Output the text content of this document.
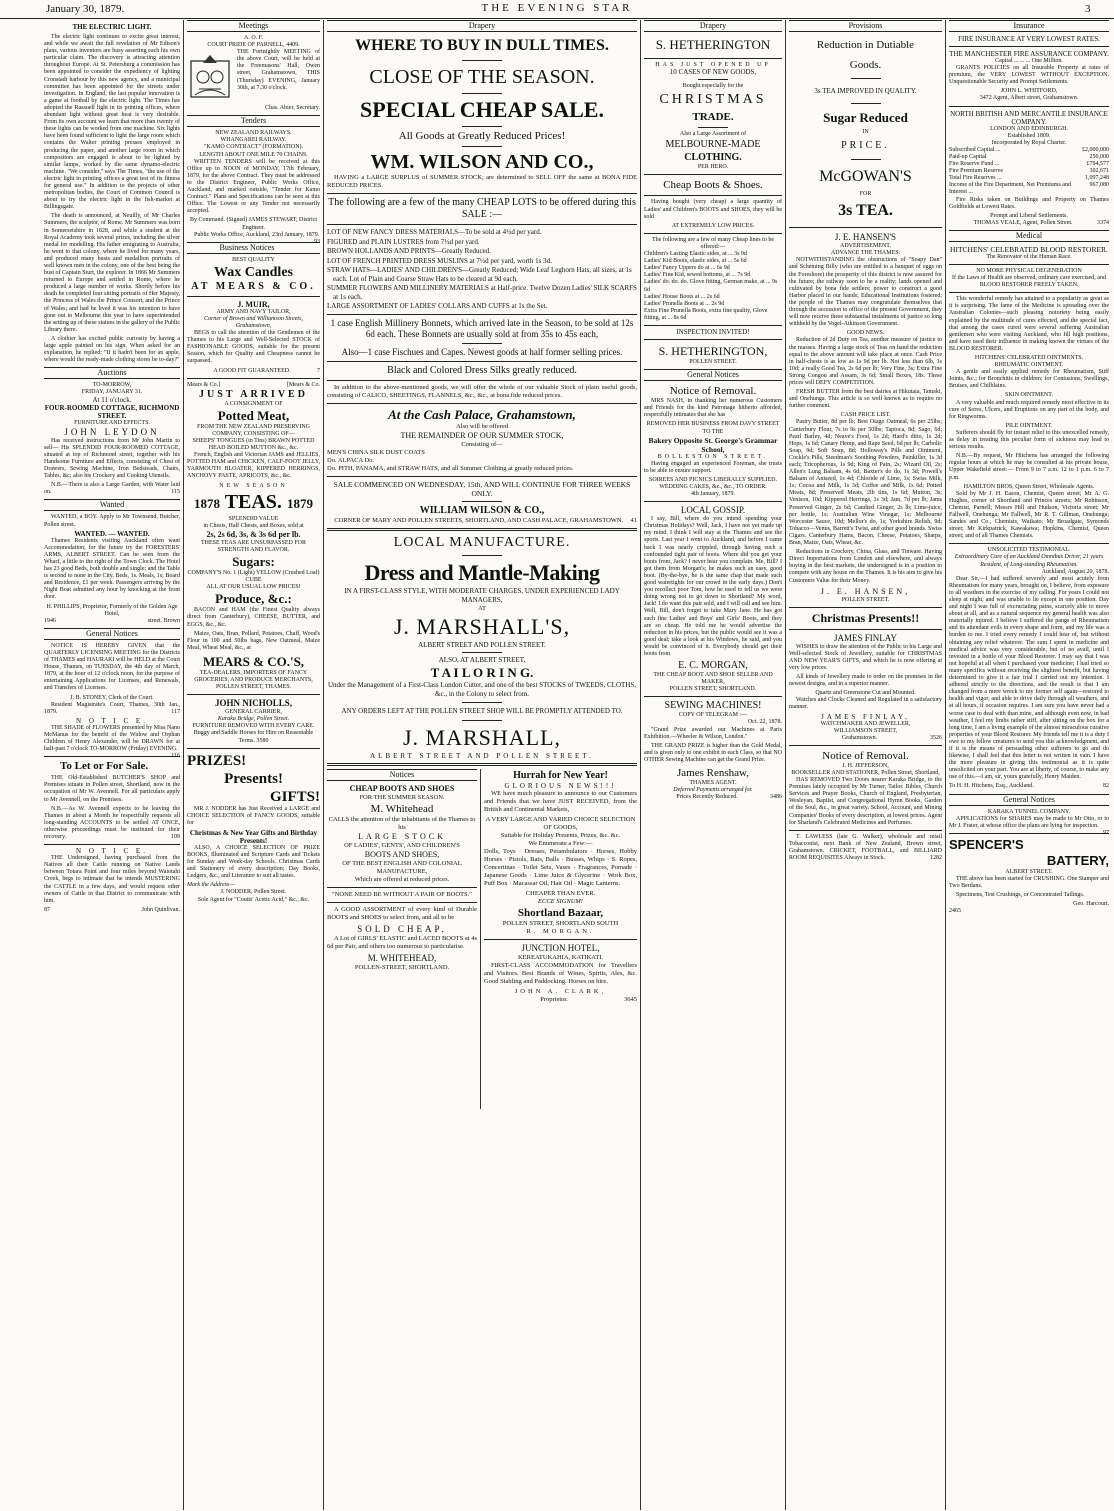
January 30, 1879.	THE EVENING STAR	3
THE ELECTRIC LIGHT.

The electric light continues to excite great interest, and while we await the full revelation of Mr Edison's plans, various inventors are busy asserting each his own particular claim. The discovery is attracting attention throughout Europe. At St. Petersburg a commission has been appointed to consider the expediency of lighting Cronstadt harbour by this new agency, and a municipal committee has been appointed for the streets under investigation. In England, the last popular innovation is a game at football by the electric light. The Times has adopted the Rassuell light in its printing offices, where abundant light without great heat is very desirable. From its own account we learn that more than twenty of these lights can be worked from one machine. Six lights have been found sufficient to light the large room which contains the Walter printing presses employed in producing the paper, and another large room in which compositors are engaged is about to be lighted by similar lamps, worked by the same dynamo-electric machine. "We consider," says The Times, "the use of the electric light in printing offices a great test of its fitness for general use." In addition to the projects of other metropolitan bodies, the Court of Common Council is about to try the electric light in the fish-market at Billingsgate.

The death is announced, at Neuilly, of Mr Charles Summers, the sculptor, of Rome. Mr Summers was born in Somersetshire in 1828, and while a student at the Royal Academy took several prizes, including the silver medal for modelling. His father emigrating to Australia, he went to that colony, where he lived for many years, and produced many busts and medallion portraits of well known men in the colony, one of the best being the bust of Captain Sturt, the explorer. In 1866 Mr Summers returned to Europe and settled in Rome, where he produced a large number of works. Shortly before his death he completed four sitting portraits of Her Majesty, the Princess of Wales the Prince Consort, and the Prince of Wales; and had he lived it was his intention to have gone out to Melbourne this year to have superintended the setting up of these statues in the gallery of the Public Library there.

A clothier has excited public curiosity by having a large apple painted on his sign. When asked for an explanation, he replied: "If it hadn't been for an apple, where would the ready-made clothing stores be to-day?"

Auctions
TO-MORROW,
FRIDAY, JANUARY 31.
At 11 o'clock.
FOUR-ROOMED COTTAGE, RICHMOND STREET.
FURNITURE AND EFFECTS.
JOHN LEYDON

Has received instructions from Mr John Martin to sell— His SPLENDID FOUR-ROOMED COTTAGE, situated at top of Richmond street, together with his Handsome Furniture and Effects, consisting of Chest of Drawers, Sewing Machine, Iron Bedsteads, Chairs, Tables, &c; also his Crockery and Cooking Utensils.

N.B.—There is also a Large Garden, with Water laid on.	115

Wanted

WANTED, a BOY. Apply to Mr Townsend, Butcher, Pollen street.

WANTED. — WANTED.

Thames Residents visiting Auckland often want Accommodation; for the future try the FORESTERS' ARMS, ALBERT STREET. Can be seen from the Wharf, a little to the right of the Town Clock. The Hotel has 23 good Beds, both double and single; and the Table is second to none in the City. Beds, 1s. Meals, 1s; Board and Residence, £1 per week. Passengers arriving by the Night Boat admitted any hour by knocking at the front door.

H. PHILLIPS, Proprietor, Formerly of the Golden Age Hotel,
1946	street. Brown
General Notices

NOTICE IS HEREBY GIVEN that the QUARTERLY LICENSING MEETING for the Districts of THAMES and HAURAKI will be HELD at the Court House, Thames, on TUESDAY, the 4th day of March, 1879, at the hour of 12 o'clock noon, for the purpose of entertaining Applications for Licenses, and Renewals, and Transfers of Licenses.

J. B. STONEY, Clerk of the Court.

Resident Magistrate's Court, Thames, 30th Jan., 1879.	117

N O T I C E.

THE SHADE of FLOWERS presented by Miss Nano McManus for the benefit of the Widow and Orphan Children of Henry Alexander, will be DRAWN for at half-past 7 o'clock TO-MORROW (Friday) EVENING.
116

To Let or For Sale.

THE Old-Established BUTCHER'S SHOP and Premises situate in Pollen street, Shortland, now in the occupation of Mr W. Avennell. For all particulars apply to Mr Avennell, on the Premises.

N.B.—As W. Avennell expects to be leaving the Thames in about a Month he respectfully requests all long-standing ACCOUNTS to be settled AT ONCE, otherwise proceedings must be instituted for their recovery.	109

N O T I C E.

THE Undersigned, having purchased from the Natives all their Cattle running on Native Lands between Totara Point and four miles beyond Waiotahi Creek, begs to intimate that he intends MUSTERING the CATTLE in a few days, and would request other owners of Cattle in that District to communicate with him.

87	John Quinlivan.
Meetings
A. O. F.
COURT PRIDE OF PARNELL, 4409.

THE Fortnightly MEETING of the above Court, will be held at the Freemasons' Hall, Owen street, Grahamstown, THIS (Thursday) EVENING, January 30th, at 7.30 o'clock.

Chas. Abier, Secretary.
Tenders
NEW ZEALAND RAILWAYS.
WHANGAREI RAILWAY.
"KAMO CONTRACT" (FORMATION).
LENGTH ABOUT ONE MILE 70 CHAINS.

WRITTEN TENDERS will be received at this Office up to NOON of MONDAY, 17th February, 1879, for the above Contract. They must be addressed to the District Engineer, Public Works Office, Auckland, and marked outside, "Tender for Kamo Contract." Plans and Specifications can be seen at this Office. The Lowest or any Tender not necessarily accepted.

By Command. (Signed) JAMES STEWART, District Engineer.

Public Works Office, Auckland, 23rd January, 1879.
93

Business Notices
BEST QUALITY
Wax Candles
AT MEARS & CO.
J. MUIR,
ARMY AND NAVY TAILOR,
Corner of Brown and Williamson Streets, Grahamstown,

BEGS to call the attention of the Gentlemen of the Thames to his Large and Well-Selected STOCK of FASHIONABLE GOODS, suitable for the present Season, which for Quality and Cheapness cannot be surpassed.

A GOOD FIT GUARANTEED.	7
Mears & Co.]	[Mears & Co.
JUST ARRIVED
A CONSIGNMENT OF
Potted Meat,
FROM THE NEW ZEALAND PRESERVING COMPANY, CONSISTING OF—
SHEEPS' TONGUES (in Tins) BRAWN POTTED HEAD BOILED MUTTON &c., &c.

French, English and Victorian JAMS and JELLIES, POTTED HAM and CHICKEN, CALF-FOOT JELLY, YARMOUTH BLOATER, KIPPERED HERRINGS, ANCHOVY PASTE, APRICOTS, &c., &c.

NEW SEASON
1878 TEAS. 1879
SPLENDID VALUE
in Chests, Half Chests, and Boxes, sold at
2s, 2s 6d, 3s, & 3s 6d per lb.
THESE TEAS ARE UNSURPASSED FOR STRENGTH AND FLAVOR.
Sugars:
COMPANY'S No. 1 (Light) YELLOW (Crushed Loaf) CUBE
ALL AT OUR USUAL LOW PRICES!
Produce, &c.:

BACON and HAM (the Finest Quality always direct from Canterbury), CHEESE, BUTTER, and EGGS, &c., &c.

Maize, Oats, Bran, Pollard, Potatoes, Chaff, Wood's Flour in 100 and 50lbs bags, New Oatmeal, Maize Meal, Wheat Meal, &c., at

MEARS & CO.'S,
TEA-DEALERS, IMPORTERS OF FANCY GROCERIES, AND PRODUCE MERCHANTS, POLLEN STREET, THAMES.
JOHN NICHOLLS,
GENERAL CARRIER,
Karaka Bridge, Pollen Street.
FURNITURE REMOVED WITH EVERY CARE.
Buggy and Saddle Horses for Hire on Reasonable Terms. 3580
PRIZES!
Presents!
GIFTS!

MR J. NODDER has Just Received a LARGE and CHOICE SELECTION of FANCY GOODS, suitable for

Christmas & New Year Gifts and Birthday Presents!

ALSO, A CHOICE SELECTION OF PRIZE BOOKS, Illuminated and Scripture Cards and Tickets for Sunday and Week-day Schools. Christmas Cards and Stationery of every description; Day Books, Ledgers, &c., and Literature to suit all tastes.

Mark the Address—
J. NODDER, Pollen Street.
Sole Agent for "Coutts' Acetic Acid," &c., &c.
Drapery
WHERE TO BUY IN DULL TIMES.
CLOSE OF THE SEASON.
SPECIAL CHEAP SALE.
All Goods at Greatly Reduced Prices!
WM. WILSON AND CO.,

HAVING a LARGE SURPLUS of SUMMER STOCK, are determined to SELL OFF the same at BONA FIDE REDUCED PRICES.

The following are a few of the many CHEAP LOTS to be offered during this SALE :—
LOT OF NEW FANCY DRESS MATERIALS—To be sold at 4½d per yard.
FIGURED and PLAIN LUSTRES from 7½d per yard.
BROWN HOLLANDS AND PRINTS—Greatly Reduced.
LOT OF FRENCH PRINTED DRESS MUSLINS at 7½d per yard, worth 1s 3d.
STRAW HATS—LADIES' AND CHILDREN'S—Greatly Reduced; Wide Leaf Leghorn Hats, all sizes, at 1s each. Lot of Plain and Coarse Straw Hats to be cleared at 9d each.
SUMMER FLOWERS AND MILLINERY MATERIALS at Half-price. Twelve Dozen Ladies' SILK SCARFS at 1s each.
LARGE ASSORTMENT OF LADIES' COLLARS AND CUFFS at 1s the Set.
1 case English Millinery Bonnets, which arrived late in the Season, to be sold at 12s 6d each. These Bonnets are usually sold at from 35s to 45s each,
Also—1 case Fischues and Capes. Newest goods at half former selling prices.
Black and Colored Dress Silks greatly reduced.

In addition to the above-mentioned goods, we will offer the whole of our valuable Stock of plain useful goods, consisting of CALICO, SHEETINGS, FLANNELS, &c., &c., at bona fide reduced prices.

At the Cash Palace, Grahamstown,
Also will be offered
THE REMAINDER OF OUR SUMMER STOCK,
Consisting of—
MEN'S CHINA SILK DUST COATS
Do. ALPACA Do.
Do. PITH, PANAMA, and STRAW HATS, and all Summer Clothing at greatly reduced prices.
SALE COMMENCED ON WEDNESDAY, 15th, AND WILL CONTINUE FOR THREE WEEKS ONLY.
WILLIAM WILSON & CO.,
CORNER OF MARY AND POLLEN STREETS, SHORTLAND, AND CASH PALACE, GRAHAMSTOWN. 41
LOCAL MANUFACTURE.
Dress and Mantle-Making
IN A FIRST-CLASS STYLE, WITH MODERATE CHARGES, UNDER EXPERIENCED LADY MANAGERS,
AT
J. MARSHALL'S,
ALBERT STREET AND POLLEN STREET.
ALSO, AT ALBERT STREET,
T A I L O R I N G.
Under the Management of a First-Class London Cutter, and one of the best STOCKS of TWEEDS, CLOTHS, &c., in the Colony to select from.
ANY ORDERS LEFT AT THE POLLEN STREET SHOP WILL BE PROMPTLY ATTENDED TO.
J. MARSHALL,
ALBERT STREET AND POLLEN STREET.
Notices
CHEAP BOOTS AND SHOES
FOR THE SUMMER SEASON.
M. Whitehead
CALLS the attention of the inhabitants of the Thames to his
LARGE STOCK
OF LADIES', GENTS', AND CHILDREN'S
BOOTS AND SHOES,
OF THE BEST ENGLISH AND COLONIAL MANUFACTURE,
Which are offered at reduced prices.
"NONE NEED BE WITHOUT A PAIR OF BOOTS."

A GOOD ASSORTMENT of every kind of Durable BOOTS and SHOES to select from, and all to be

SOLD CHEAP.

A Lot of GIRLS' ELASTIC and LACED BOOTS at 4s 6d per Pair, and others too numerous to particularise.

M. WHITEHEAD,
POLLEN-STREET, SHORTLAND.
Hurrah for New Year!
GLORIOUS NEWS!!!

WE have much pleasure to announce to our Customers and Friends that we have JUST RECEIVED, from the British and Continental Markets,

A VERY LARGE AND VARIED CHOICE SELECTION OF GOODS,
Suitable for Holiday Presents, Prizes, &c. &c.
We Enumerate a Few:—

Dolls, Toys · Dresses, Perambulators · Horses, Hobby Horses · Pistols, Bats, Balls · Busses, Whips · S. Ropes, Concertinas · Toilet Sets, Vases · Fragrances, Pomade · Japanese Goods · Lime Juice & Glycerine · Work Box, Puff Box · Macassar Oil, Hair Oil · Magic Lanterns.

CHEAPER THAN EVER.
ECCE SIGNUM!
Shortland Bazaar,
POLLEN STREET, SHORTLAND SOUTH
R. MORGAN.
JUNCTION HOTEL,
KEREATUKAHIA, KATIKATI.

FIRST-CLASS ACCOMMODATION for Travellers and Visitors. Best Brands of Wines, Spirits, Ales, &c. Good Stabling and Paddocking. Horses on hire.

JOHN A. CLARK,
Proprietor.	3645
Drapery
S. HETHERINGTON
HAS JUST OPENED UP
10 CASES OF NEW GOODS,
Bought especially for the
CHRISTMAS
TRADE.
Also a Large Assortment of
MELBOURNE-MADE
CLOTHING.
PER HERO.
Cheap Boots & Shoes.

Having bought (very cheap) a large quantity of Ladies' and Children's BOOTS and SHOES, they will be sold

AT EXTREMELY LOW PRICES.
The following are a few of many Cheap lines to be offered:—
Children's Lasting Elastic sides, at ... 3s 0d
Ladies' Kid Boots, elastic sides, at ... 5s 6d
Ladies' Fancy Uppers do at ... 6s 9d
Ladies' Fine Kid, sewed bottoms, at ... 7s 9d
Ladies' do. do. do. Glove fitting, German make, at ... 9s 6d
Ladies' House Boots at ... 2s 6d
Ladies' Prunella Boots at ... 2s 9d
Extra Fine Prunella Boots, extra fine quality, Glove fitting, at ... 8s 6d
INSPECTION INVITED!
S. HETHERINGTON,
POLLEN STREET.
General Notices
Notice of Removal.

MRS NASH, in thanking her numerous Customers and Friends for the kind Patronage hitherto afforded, respectfully intimates that she has

REMOVED HER BUSINESS FROM DAVY STREET TO THE
Bakery Opposite St. George's Grammar School,
BOLLESTON STREET.

Having engaged an experienced Foreman, she trusts to be able to ensure support.

SOIREES AND PICNICS LIBERALLY SUPPLIED.
WEDDING CAKES, &c., &c., TO ORDER.
4th January, 1879.
LOCAL GOSSIP.

I say, Bill, where do you intend spending your Christmas Holidays? Well, Jack, I have not yet made up my mind. I think I will stay at the Thames and see the sports. Last year I went to Auckland, and before I came back I was nearly crippled, through having such a confounded tight pair of boots. Where did you get your boots from, Jack? I never hear you complain. Me, Bill? I got them from Morgan's; he makes such an easy, good boot. (By-the-bye, he is the same chap that made such good watertights for our crowd in the early days.) Don't you recollect poor Tom, how he used to tell us we were doing wrong not to go down to Shortland? My word, Jack! I do want this pair sold, and I will call and see him. Well, Bill, don't forget to take Mary Jane. He has got such fine Ladies' and Boys' and Girls' Boots, and they are so cheap. He told me he would advertise the reduction in his prices, but the public would see it was a good deal; take a look at his Windows, he said, and you would be convinced of it. Everybody should get their boots from

E. C. MORGAN,
THE CHEAP BOOT AND SHOE SELLER AND MAKER,
POLLEN STREET, SHORTLAND.
SEWING MACHINES!
COPY OF TELEGRAM :—
Oct. 22, 1878.

"Grand Prize awarded our Machines at Paris Exhibition.—Wheeler & Wilson, London."

THE GRAND PRIZE is higher than the Gold Medal, and is given only to one exhibit in each Class, so that NO OTHER Sewing Machine can get the Grand Prize.

James Renshaw,
THAMES AGENT.
Deferred Payments arranged for.
Prices Recently Reduced.	3486
Provisions
Reduction in Dutiable
Goods.
3s TEA IMPROVED IN QUALITY.
Sugar Reduced
IN
PRICE.
McGOWAN'S
FOR
3s TEA.
J. E. HANSEN'S
ADVERTISEMENT.
ADVANCE THE THAMES.

NOTWITHSTANDING the obstructions of "Soapy Dan" and Scheming Billy (who are entitled to a banquet of eggs on the Foreshore) the prosperity of this district is now assured for the future; the railway soon to be a reality; lands opened and cultivated by bona fide settlers; power to construct a good Harbor placed in our hands; Educational Institutions fostered; the people of the Thames may congratulate themselves that through the accession to office of the present Government, they will now receive these substantial instalments of justice so long withheld by the Vogel-Atkinson Government.

GOOD NEWS.

Reduction of 2d Duty on Tea, another measure of justice to the masses. Having a large stock of Teas on hand the reduction equal to the above amount will take place at once. Cash Price in half-chests is as low as 1s 9d per lb. Not less than 6lb, 1s 10d; a really Good Tea, 2s 6d per lb; Very Fine, 3s; Extra Fine Strong Congou and Assam, 3s 6d; Small Boxes, 18s. These prices will DEFY COMPETITION.

FRESH BUTTER from the best dairies at Hikutaia, Tamaki, and Onehunga. This article is so well known as to require no further comment.

CASH PRICE LIST.

Pastry Butter, 8d per lb; Best Otago Oatmeal, 6s per 25lbs; Canterbury Flour, 7s to 9s per 50lbs; Tapioca, 8d; Sago, 6d; Pearl Barley, 4d; Neave's Food, 1s 2d; Hard's ditto, 1s 2d; Hops, 1s 6d; Canary Hemp, and Rape Seed, 6d per lb; Carbolic Soap, 9d; Soft Soap, 8d; Holloway's Pills and Ointment, Cockle's Pills, Steedman's Soothing Powders, Painkiller, 1s 3d each; Tricopherous, 1s 9d; King of Pain, 2s; Wizard Oil, 2s; Allen's Lung Balsam, 4s 6d; Baxter's do do, 1s 3d; Powell's Balsam of Aniseed, 1s 4d; Chloride of Lime, 1s; Swiss Milk, 1s; Cocoa and Milk, 1s 3d; Coffee and Milk, 1s 6d; Potted Meats, 8d; Preserved Meats, 2lb tins, 1s 6d; Mutton, 3s; Venison, 10d; Kippered Herrings, 1s 3d; Jam, 7d per lb; Jams Preserved Ginger, 2s 6d; Candied Ginger, 2s lb; Lime-juice, per bottle, 1s; Australian Wine Vinegar, 1s; Melbourne Worcester Sauce, 10d; Mellor's do, 1s; Yorkshire Relish, 9d; Tobacco—Venus, Barrett's Twist, and other good brands. Swiss Cigars. Canterbury Hams, Bacon, Cheese, Potatoes, Sharps, Bran, Maize, Oats, Wheat, &c.

Reductions in Crockery, China, Glass, and Tinware. Having Direct Importations from London and elsewhere, and always buying in the best markets, the undersigned is in a position to compete with any house on the Thames. It is his aim to give his Customers Value for their Money.

J. E. HANSEN,
POLLEN STREET.
Christmas Presents!!
JAMES FINLAY

WISHES to draw the attention of the Public to his Large and Well-selected Stock of Jewellery, suitable for CHRISTMAS AND NEW YEAR'S GIFTS, and which he is now offering at very low prices.

All kinds of Jewellery made to order on the premises in the newest designs, and in a superior manner.

Quartz and Greenstone Cut and Mounted.

Watches and Clocks Cleaned and Regulated in a satisfactory manner.

JAMES FINLAY,
WATCHMAKER AND JEWELLER,
WILLIAMSON STREET,
Grahamstown.	3526
Notice of Removal.
J. H. JEFFERSON,
BOOKSELLER AND STATIONER, Pollen Street, Shortland,

HAS REMOVED Two Doors nearer Karaka Bridge, to the Premises lately occupied by Mr Turner, Tailor. Bibles, Church Services and Prayer Books, Church of England, Presbyterian, Wesleyan, Baptist, and Congregational Hymn Books, Garden of the Soul, &c., in great variety. School, Account, and Mining Companies' Books of every description, at lowest prices. Agent for Sharland's Celebrated Medicines and Perfumes.

T. LAWLESS (late G. Walker), wholesale and retail Tobacconist, next Bank of New Zealand, Brown street, Grahamstown. CRICKET, FOOTBALL, and BILLIARD ROOM REQUISITES Always in Stock.	1282

Insurance
FIRE INSURANCE AT VERY LOWEST RATES.
THE MANCHESTER FIRE ASSURANCE COMPANY.
Capital ... ... ... One Million.

GRANTS POLICIES on all Insurable Property at rates of premium, the VERY LOWEST WITHOUT EXCEPTION. Unquestionable Security and Prompt Settlements.

JOHN L. WHITFORD,
3472 Agent, Albert street, Grahamstown.
NORTH BRITISH AND MERCANTILE INSURANCE COMPANY.
LONDON AND EDINBURGH.
Established 1809.
Incorporated by Royal Charter.
Subscribed Capital ...	£2,000,000
Paid-up Capital	250,000
Fire Reserve Fund ...	£794,577
Fire Premium Reserve	302,671
Total Fire Reserves ...	1,097,248
Income of the Fire Department, Net Premiums and Interest ...
967,080

Fire Risks taken on Buildings and Property on Thames Goldfields at Lowest Rates.

Prompt and Liberal Settlements.
THOMAS VEALE, Agent, Pollen Street.	3374
Medical
HITCHENS' CELEBRATED BLOOD RESTORER.
The Renovator of the Human Race.
NO MORE PHYSICAL DEGENERATION
If the Laws of Health are observed, ordinary care exercised, and
BLOOD RESTORER FREELY TAKEN.

This wonderful remedy has attained to a popularity as great as it is surprising. The fame of the Medicine is spreading over the Australian Colonies—such pleasing notoriety being easily explained by the multitude of cures effected, and the special fact, that among the cases cured were several suffering Australian gentlemen who were visiting Auckland, who fill high positions, and have used their influence in making known the virtues of the BLOOD RESTORER.

HITCHENS' CELEBRATED OINTMENTS.
RHEUMATIC OINTMENT.

A gentle and easily applied remedy for Rheumatism, Stiff Joints, &c.; for Bronchitis in children; for Contusions, Swellings, Bruises, and Chilblains.

SKIN OINTMENT.

A very valuable and much required remedy most effective in its cure of Sores, Ulcers, and Eruptions on any part of the body, and for Ringworms.

PILE OINTMENT.

Sufferers should fly for instant relief to this unexcelled remedy, as delay in treating this peculiar form of sickness may lead to serious results.

N.B.—By request, Mr Hitchens has arranged the following regular hours at which he may be consulted at his private house, Upper Wakefield street:— From 9 to 7 a.m. 12 to 1 p.m. 6 to 7 p.m.

HAMILTON BROS, Queen Street, Wholesale Agents.

Sold by Mr J. H. Eason, Chemist, Queen street; Mr A. G. Hughes, corner of Shortland and Princes streets; Mr Robinson, Chemist, Parnell; Messrs Hill and Hudson, Victoria street; Mr Fallwell, Onehunga; Mr Fallwell, Mr R. T. Gillman, Onehunga; Sandes and Co., Chemists, Waikato; Mr Broadgate, Symonds street; Mr Kirkpatrick, Kawakawa; Hopkins, Chemist, Queen street; and of all Thames Chemists.

UNSOLICITED TESTIMONIAL.
Extraordinary Cure of an Auckland Omnibus Driver, 21 years Resident, of Long-standing Rheumatism.
Auckland, August 20, 1878.

Dear Sir,—I had suffered severely and most acutely from Rheumatism for many years, brought on, I believe, from exposure to all weathers in the exercise of my calling. For years I could not sleep at night, and was unable to lie except in one position. Day and night I was full of excruciating pains, scarcely able to move about at all, and as a natural sequence my general health was also materially injured. I believe I suffered the pangs of Rheumatism and its attendant evils in every shape and form, and my life was a burden to me. I tried every remedy I could hear of, but without obtaining any relief whatever. The sum I spent in medicine and medical advice was very considerable, but of no avail, until I invested in a bottle of your Blood Restorer. I may say that I was not hopeful at all when I purchased your medicine; I had tried so many specifics without receiving the slightest benefit, but having determined to give it a fair trial I carried out my intention. I adhered strictly to the directions, and the result is that I am changed from a mere wreck to my former self again—restored to health and vigor, and able to drive daily through all weathers, and at all hours, if occasion requires. I am sure you have never had a worse case to deal with than mine, and although even now, in bad weather, I feel my limbs rather stiff, after sitting on the box for a long time, I am a living example of the almost miraculous curative properties of your Blood Restorer. My friends tell me it is a duty I owe to my fellow creatures to send you this acknowledgment, and if it is the means of persuading other sufferers to go and do likewise, I shall feel that this letter is not written in vain. I have the more pleasure in giving this testimonial as it is quite unsolicited on your part. You are at liberty, of course, to make any use of this.—I am, sir, yours gratefully, Henry Maiden.

To H. H. Hitchens, Esq., Auckland.	82
General Notices
KARAKA TUNNEL COMPANY.

APPLICATIONS for SHARES may be made to Mr Otto, or to Mr J. Frater, at whose office the plans are lying for inspection.
97

SPENCER'S
BATTERY,
ALBERT STREET.

THE above has been started for CRUSHING. One Stamper and Two Berdans.

Specimens, Test Crushings, or Concentrated Tailings.

Geo. Harcourt.
2465
